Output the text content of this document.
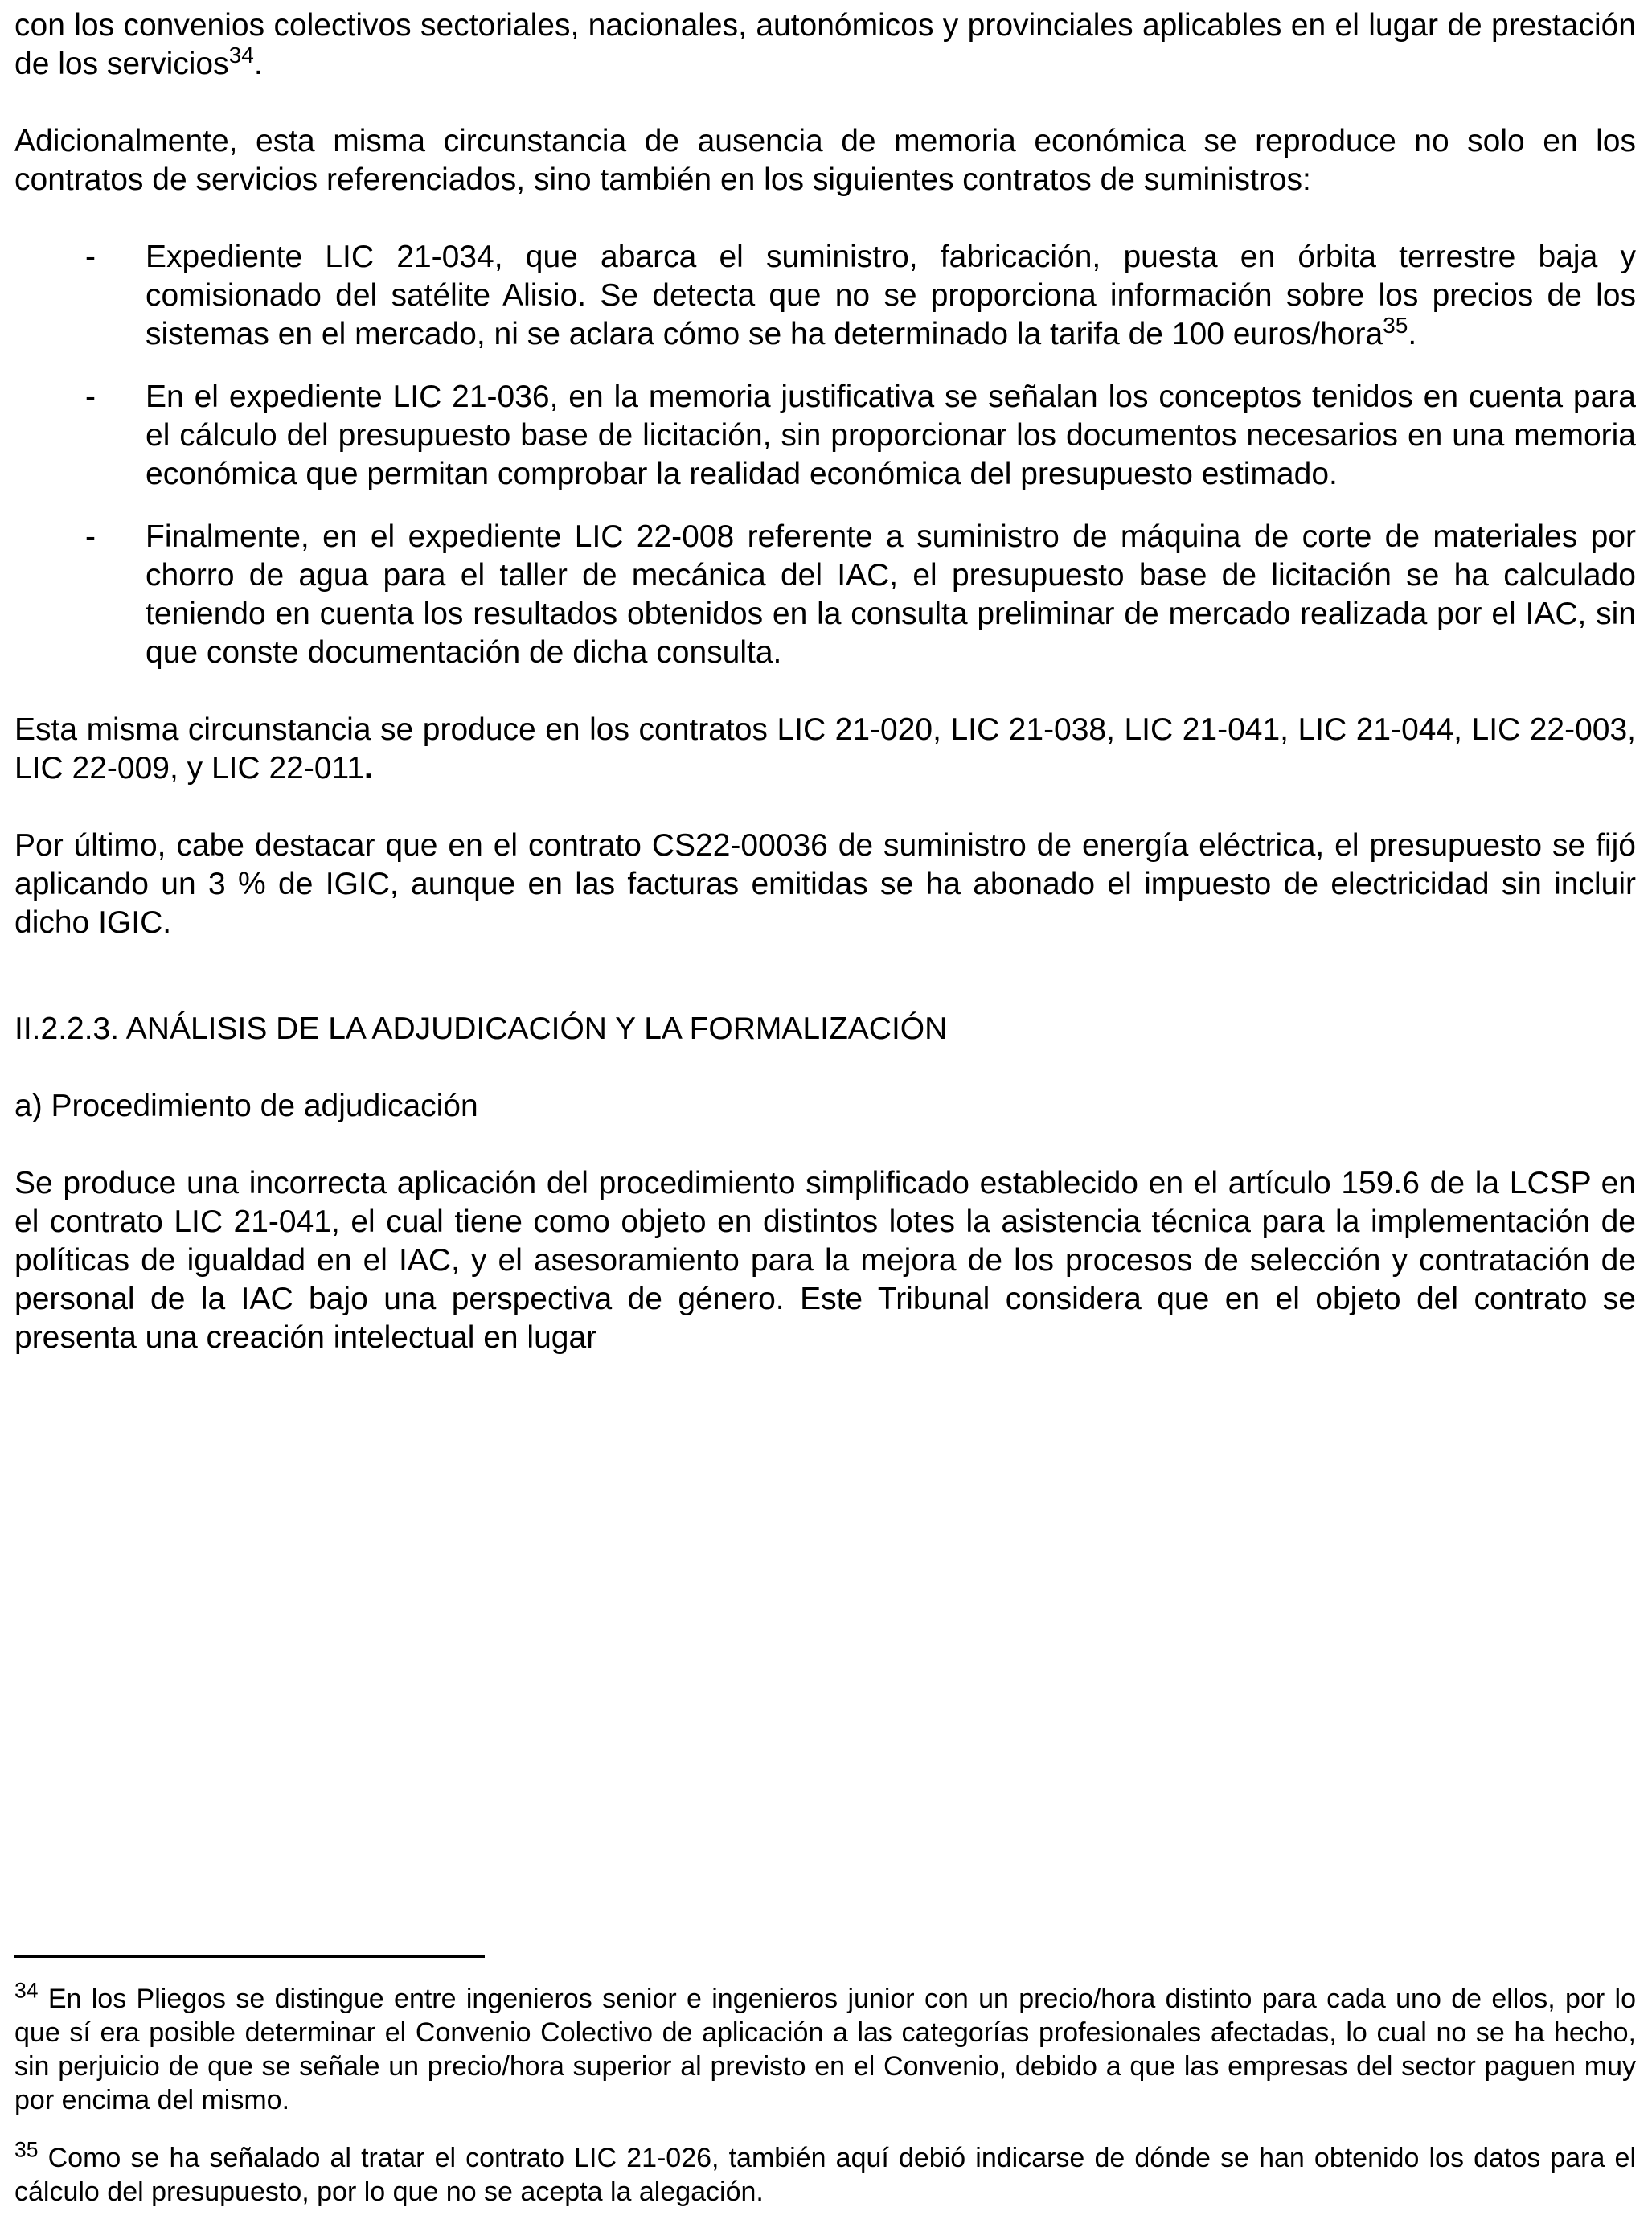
con los convenios colectivos sectoriales, nacionales, autonómicos y provinciales aplicables en el lugar de prestación de los servicios$^{34}$.

Adicionalmente, esta misma circunstancia de ausencia de memoria económica se reproduce no solo en los contratos de servicios referenciados, sino también en los siguientes contratos de suministros:

- Expediente LIC 21-034, que abarca el suministro, fabricación, puesta en órbita terrestre baja y comisionado del satélite Alisio. Se detecta que no se proporciona información sobre los precios de los sistemas en el mercado, ni se aclara cómo se ha determinado la tarifa de 100 euros/hora$^{35}$.
- En el expediente LIC 21-036, en la memoria justificativa se señalan los conceptos tenidos en cuenta para el cálculo del presupuesto base de licitación, sin proporcionar los documentos necesarios en una memoria económica que permitan comprobar la realidad económica del presupuesto estimado.
- Finalmente, en el expediente LIC 22-008 referente a suministro de máquina de corte de materiales por chorro de agua para el taller de mecánica del IAC, el presupuesto base de licitación se ha calculado teniendo en cuenta los resultados obtenidos en la consulta preliminar de mercado realizada por el IAC, sin que conste documentación de dicha consulta.

Esta misma circunstancia se produce en los contratos LIC 21-020, LIC 21-038, LIC 21-041, LIC 21-044, LIC 22-003, LIC 22-009, y LIC 22-011.

Por último, cabe destacar que en el contrato CS22-00036 de suministro de energía eléctrica, el presupuesto se fijó aplicando un 3 % de IGIC, aunque en las facturas emitidas se ha abonado el impuesto de electricidad sin incluir dicho IGIC.

II.2.2.3. ANÁLISIS DE LA ADJUDICACIÓN Y LA FORMALIZACIÓN

a) Procedimiento de adjudicación

Se produce una incorrecta aplicación del procedimiento simplificado establecido en el artículo 159.6 de la LCSP en el contrato LIC 21-041, el cual tiene como objeto en distintos lotes la asistencia técnica para la implementación de políticas de igualdad en el IAC, y el asesoramiento para la mejora de los procesos de selección y contratación de personal de la IAC bajo una perspectiva de género. Este Tribunal considera que en el objeto del contrato se presenta una creación intelectual en lugar

$^{34}$ En los Pliegos se distingue entre ingenieros senior e ingenieros junior con un precio/hora distinto para cada uno de ellos, por lo que sí era posible determinar el Convenio Colectivo de aplicación a las categorías profesionales afectadas, lo cual no se ha hecho, sin perjuicio de que se señale un precio/hora superior al previsto en el Convenio, debido a que las empresas del sector paguen muy por encima del mismo.

$^{35}$ Como se ha señalado al tratar el contrato LIC 21-026, también aquí debió indicarse de dónde se han obtenido los datos para el cálculo del presupuesto, por lo que no se acepta la alegación.
